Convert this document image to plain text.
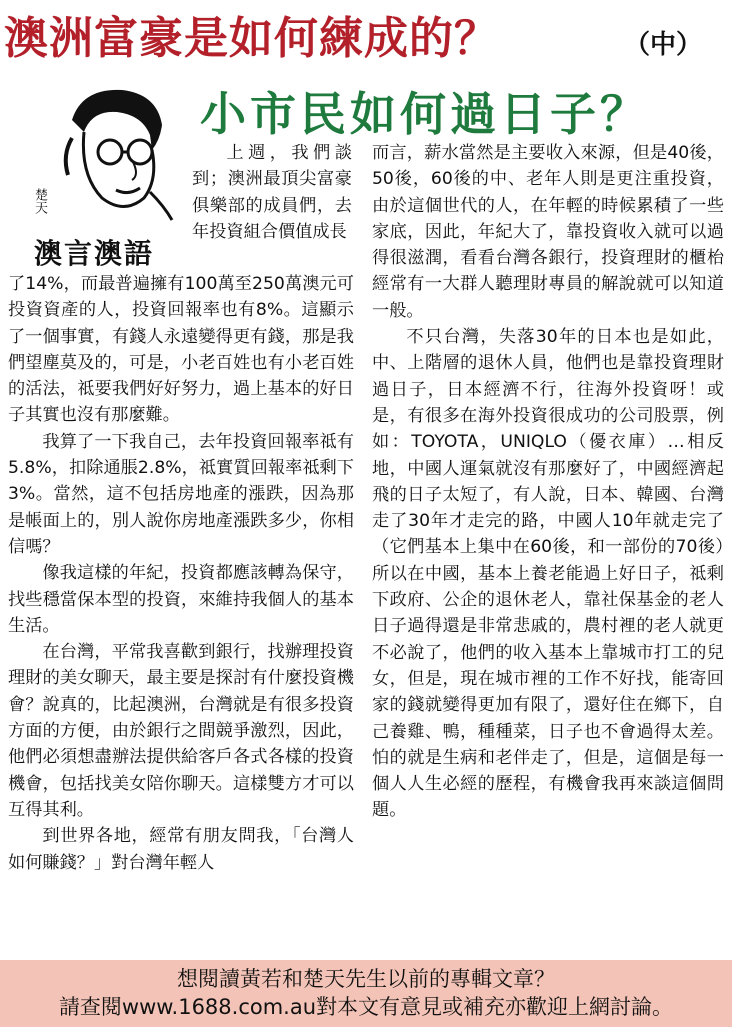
澳洲富豪是如何練成的？	（中）
小市民如何過日子？
楚天
澳言澳語

上週，我們談到；澳洲最頂尖富豪俱樂部的成員們，去年投資組合價值成長

了14%，而最普遍擁有100萬至250萬澳元可投資資產的人，投資回報率也有8%。這顯示了一個事實，有錢人永遠變得更有錢，那是我們望塵莫及的，可是，小老百姓也有小老百姓的活法，祗要我們好好努力，過上基本的好日子其實也沒有那麼難。

我算了一下我自己，去年投資回報率祗有5.8%，扣除通脹2.8%，祗實質回報率祗剩下3%。當然，這不包括房地產的漲跌，因為那是帳面上的，別人說你房地產漲跌多少，你相信嗎？

像我這樣的年紀，投資都應該轉為保守，找些穩當保本型的投資，來維持我個人的基本生活。

在台灣，平常我喜歡到銀行，找辦理投資理財的美女聊天，最主要是探討有什麼投資機會？說真的，比起澳洲，台灣就是有很多投資方面的方便，由於銀行之間競爭激烈，因此，他們必須想盡辦法提供給客戶各式各樣的投資機會，包括找美女陪你聊天。這樣雙方才可以互得其利。

到世界各地，經常有朋友問我，「台灣人如何賺錢？」對台灣年輕人

而言，薪水當然是主要收入來源，但是40後，50後，60後的中、老年人則是更注重投資，由於這個世代的人，在年輕的時候累積了一些家底，因此，年紀大了，靠投資收入就可以過得很滋潤，看看台灣各銀行，投資理財的櫃枱經常有一大群人聽理財專員的解說就可以知道一般。

不只台灣，失落30年的日本也是如此，中、上階層的退休人員，他們也是靠投資理財過日子，日本經濟不行，往海外投資呀！或是，有很多在海外投資很成功的公司股票，例如：TOYOTA，UNIQLO（優衣庫）…相反地，中國人運氣就沒有那麼好了，中國經濟起飛的日子太短了，有人說，日本、韓國、台灣走了30年才走完的路，中國人10年就走完了（它們基本上集中在60後，和一部份的70後）所以在中國，基本上養老能過上好日子，祗剩下政府、公企的退休老人，靠社保基金的老人日子過得還是非常悲戚的，農村裡的老人就更不必說了，他們的收入基本上靠城市打工的兒女，但是，現在城市裡的工作不好找，能寄回家的錢就變得更加有限了，還好住在鄉下，自己養雞、鴨，種種菜，日子也不會過得太差。怕的就是生病和老伴走了，但是，這個是每一個人人生必經的歷程，有機會我再來談這個問題。

想閱讀黃若和楚天先生以前的專輯文章？
請查閱www.1688.com.au對本文有意見或補充亦歡迎上網討論。
